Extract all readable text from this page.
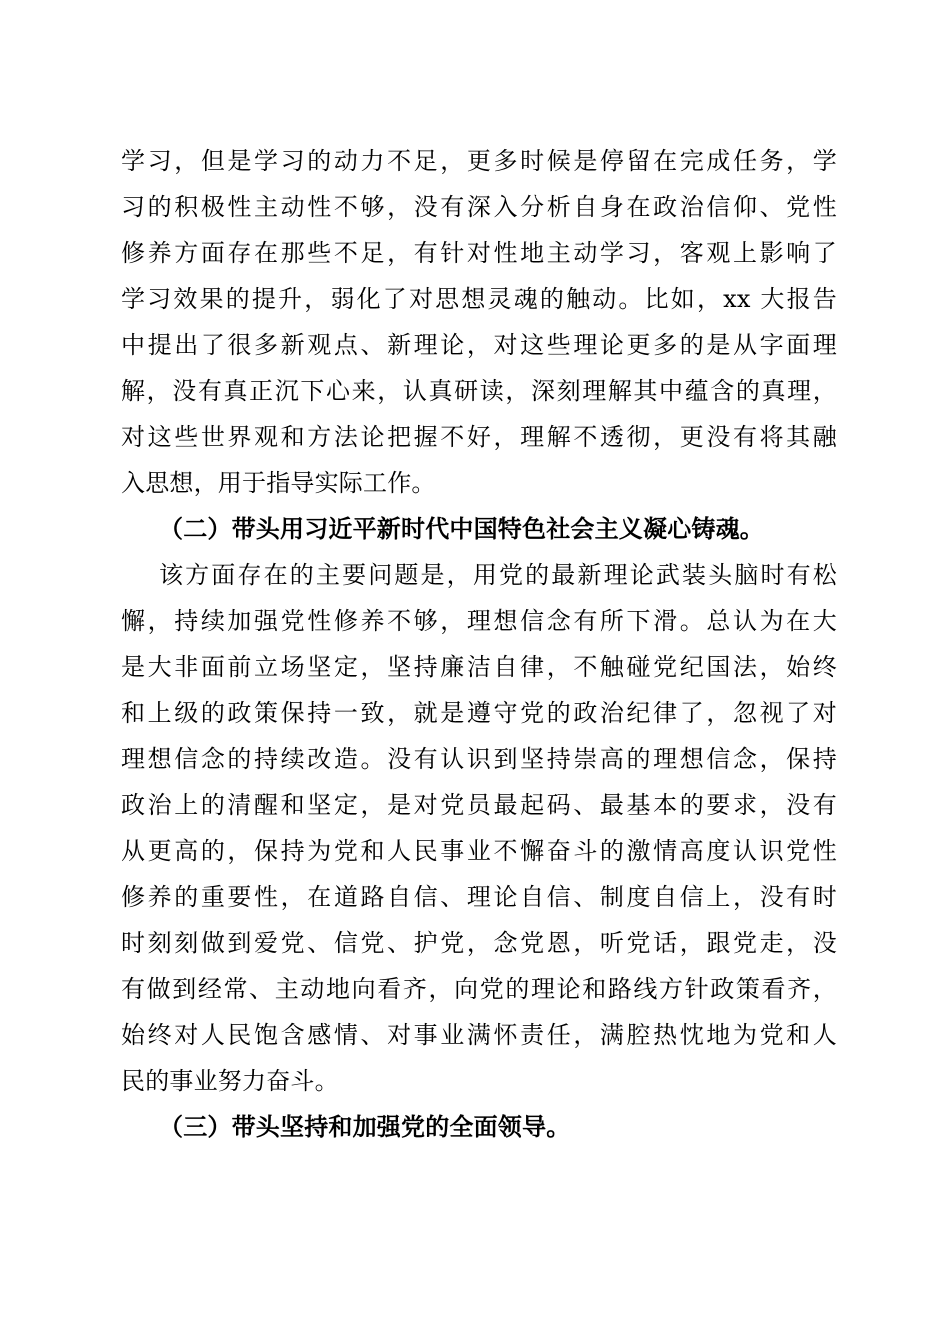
学习，但是学习的动力不足，更多时候是停留在完成任务，学
习的积极性主动性不够，没有深入分析自身在政治信仰、党性
修养方面存在那些不足，有针对性地主动学习，客观上影响了
学习效果的提升，弱化了对思想灵魂的触动。比如，xx 大报告
中提出了很多新观点、新理论，对这些理论更多的是从字面理
解，没有真正沉下心来，认真研读，深刻理解其中蕴含的真理，
对这些世界观和方法论把握不好，理解不透彻，更没有将其融
入思想，用于指导实际工作。
（二）带头用习近平新时代中国特色社会主义凝心铸魂。
该方面存在的主要问题是，用党的最新理论武装头脑时有松
懈，持续加强党性修养不够，理想信念有所下滑。总认为在大
是大非面前立场坚定，坚持廉洁自律，不触碰党纪国法，始终
和上级的政策保持一致，就是遵守党的政治纪律了，忽视了对
理想信念的持续改造。没有认识到坚持崇高的理想信念，保持
政治上的清醒和坚定，是对党员最起码、最基本的要求，没有
从更高的，保持为党和人民事业不懈奋斗的激情高度认识党性
修养的重要性，在道路自信、理论自信、制度自信上，没有时
时刻刻做到爱党、信党、护党，念党恩，听党话，跟党走，没
有做到经常、主动地向看齐，向党的理论和路线方针政策看齐，
始终对人民饱含感情、对事业满怀责任，满腔热忱地为党和人
民的事业努力奋斗。
（三）带头坚持和加强党的全面领导。
